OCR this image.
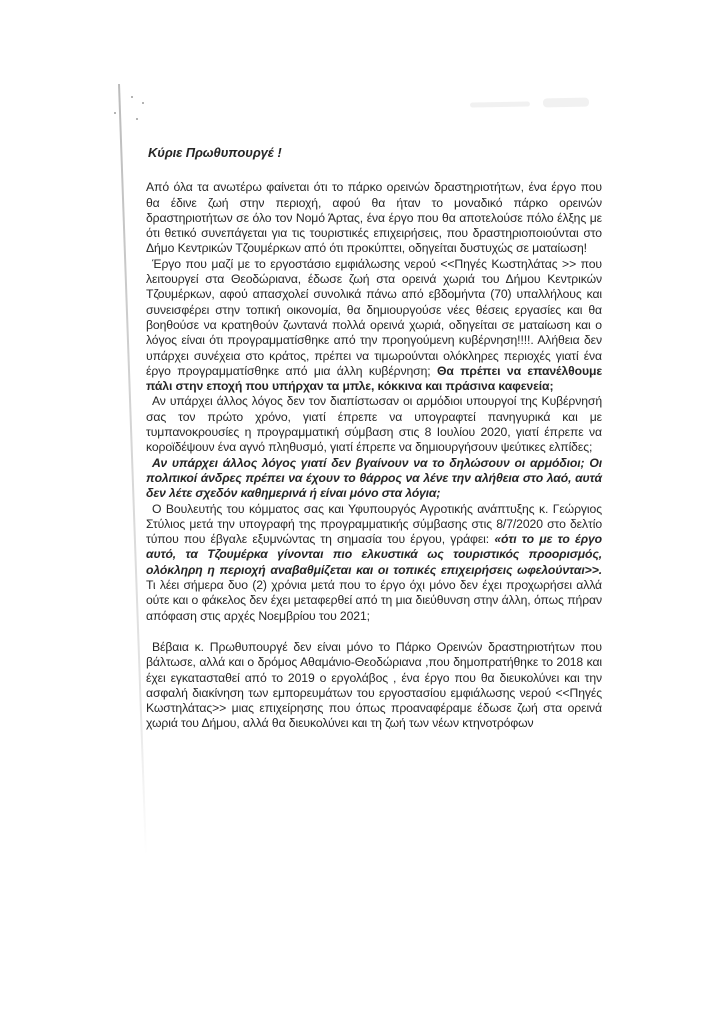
Κύριε Πρωθυπουργέ !

Από όλα τα ανωτέρω φαίνεται ότι το πάρκο ορεινών δραστηριοτήτων, ένα έργο που θα έδινε ζωή στην περιοχή, αφού θα ήταν το μοναδικό πάρκο ορεινών δραστηριοτήτων σε όλο τον Νομό Άρτας, ένα έργο που θα αποτελούσε πόλο έλξης με ότι θετικό συνεπάγεται για τις τουριστικές επιχειρήσεις, που δραστηριοποιούνται στο Δήμο Κεντρικών Τζουμέρκων από ότι προκύπτει, οδηγείται δυστυχώς σε ματαίωση!

Έργο που μαζί με το εργοστάσιο εμφιάλωσης νερού <<Πηγές Κωστηλάτας >> που λειτουργεί στα Θεοδώριανα, έδωσε ζωή στα ορεινά χωριά του Δήμου Κεντρικών Τζουμέρκων, αφού απασχολεί συνολικά πάνω από εβδομήντα (70) υπαλλήλους και συνεισφέρει στην τοπική οικονομία, θα δημιουργούσε νέες θέσεις εργασίες και θα βοηθούσε να κρατηθούν ζωντανά πολλά ορεινά χωριά, οδηγείται σε ματαίωση και ο λόγος είναι ότι προγραμματίσθηκε από την προηγούμενη κυβέρνηση!!!!. Αλήθεια δεν υπάρχει συνέχεια στο κράτος, πρέπει να τιμωρούνται ολόκληρες περιοχές γιατί ένα έργο προγραμματίσθηκε από μια άλλη κυβέρνηση; Θα πρέπει να επανέλθουμε πάλι στην εποχή που υπήρχαν τα μπλε, κόκκινα και πράσινα καφενεία;

Αν υπάρχει άλλος λόγος δεν τον διαπίστωσαν οι αρμόδιοι υπουργοί της Κυβέρνησή σας τον πρώτο χρόνο, γιατί έπρεπε να υπογραφτεί πανηγυρικά και με τυμπανοκρουσίες η προγραμματική σύμβαση στις 8 Ιουλίου 2020, γιατί έπρεπε να κοροϊδέψουν ένα αγνό πληθυσμό, γιατί έπρεπε να δημιουργήσουν ψεύτικες ελπίδες;

Αν υπάρχει άλλος λόγος γιατί δεν βγαίνουν να το δηλώσουν οι αρμόδιοι; Οι πολιτικοί άνδρες πρέπει να έχουν το θάρρος να λένε την αλήθεια στο λαό, αυτά δεν λέτε σχεδόν καθημερινά ή είναι μόνο στα λόγια;

Ο Βουλευτής του κόμματος σας και Υφυπουργός Αγροτικής ανάπτυξης κ. Γεώργιος Στύλιος μετά την υπογραφή της προγραμματικής σύμβασης στις 8/7/2020 στο δελτίο τύπου που έβγαλε εξυμνώντας τη σημασία του έργου, γράφει: «ότι το με το έργο αυτό, τα Τζουμέρκα γίνονται πιο ελκυστικά ως τουριστικός προορισμός, ολόκληρη η περιοχή αναβαθμίζεται και οι τοπικές επιχειρήσεις ωφελούνται>>. Τι λέει σήμερα δυο (2) χρόνια μετά που το έργο όχι μόνο δεν έχει προχωρήσει αλλά ούτε και ο φάκελος δεν έχει μεταφερθεί από τη μια διεύθυνση στην άλλη, όπως πήραν απόφαση στις αρχές Νοεμβρίου του 2021;

Βέβαια κ. Πρωθυπουργέ δεν είναι μόνο το Πάρκο Ορεινών δραστηριοτήτων που βάλτωσε, αλλά και ο δρόμος Αθαμάνιο-Θεοδώριανα ,που δημοπρατήθηκε το 2018 και έχει εγκατασταθεί από το 2019 ο εργολάβος , ένα έργο που θα διευκολύνει και την ασφαλή διακίνηση των εμπορευμάτων του εργοστασίου εμφιάλωσης νερού <<Πηγές Κωστηλάτας>> μιας επιχείρησης που όπως προαναφέραμε έδωσε ζωή στα ορεινά χωριά του Δήμου, αλλά θα διευκολύνει και τη ζωή των νέων κτηνοτρόφων
